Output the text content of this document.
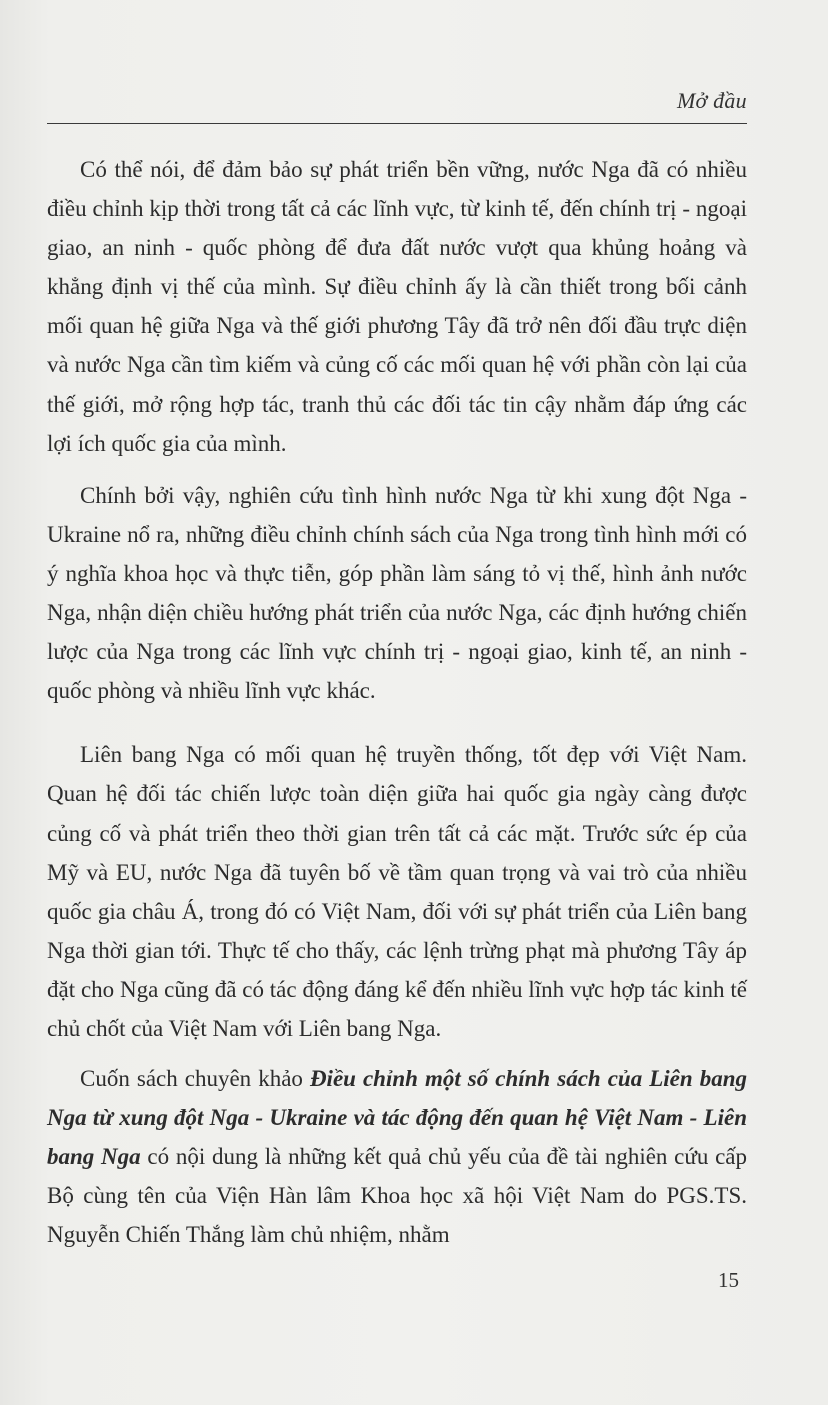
Mở đầu

Có thể nói, để đảm bảo sự phát triển bền vững, nước Nga đã có nhiều điều chỉnh kịp thời trong tất cả các lĩnh vực, từ kinh tế, đến chính trị - ngoại giao, an ninh - quốc phòng để đưa đất nước vượt qua khủng hoảng và khẳng định vị thế của mình. Sự điều chỉnh ấy là cần thiết trong bối cảnh mối quan hệ giữa Nga và thế giới phương Tây đã trở nên đối đầu trực diện và nước Nga cần tìm kiếm và củng cố các mối quan hệ với phần còn lại của thế giới, mở rộng hợp tác, tranh thủ các đối tác tin cậy nhằm đáp ứng các lợi ích quốc gia của mình.

Chính bởi vậy, nghiên cứu tình hình nước Nga từ khi xung đột Nga - Ukraine nổ ra, những điều chỉnh chính sách của Nga trong tình hình mới có ý nghĩa khoa học và thực tiễn, góp phần làm sáng tỏ vị thế, hình ảnh nước Nga, nhận diện chiều hướng phát triển của nước Nga, các định hướng chiến lược của Nga trong các lĩnh vực chính trị - ngoại giao, kinh tế, an ninh - quốc phòng và nhiều lĩnh vực khác.

Liên bang Nga có mối quan hệ truyền thống, tốt đẹp với Việt Nam. Quan hệ đối tác chiến lược toàn diện giữa hai quốc gia ngày càng được củng cố và phát triển theo thời gian trên tất cả các mặt. Trước sức ép của Mỹ và EU, nước Nga đã tuyên bố về tầm quan trọng và vai trò của nhiều quốc gia châu Á, trong đó có Việt Nam, đối với sự phát triển của Liên bang Nga thời gian tới. Thực tế cho thấy, các lệnh trừng phạt mà phương Tây áp đặt cho Nga cũng đã có tác động đáng kể đến nhiều lĩnh vực hợp tác kinh tế chủ chốt của Việt Nam với Liên bang Nga.

Cuốn sách chuyên khảo Điều chỉnh một số chính sách của Liên bang Nga từ xung đột Nga - Ukraine và tác động đến quan hệ Việt Nam - Liên bang Nga có nội dung là những kết quả chủ yếu của đề tài nghiên cứu cấp Bộ cùng tên của Viện Hàn lâm Khoa học xã hội Việt Nam do PGS.TS. Nguyễn Chiến Thắng làm chủ nhiệm, nhằm

15
